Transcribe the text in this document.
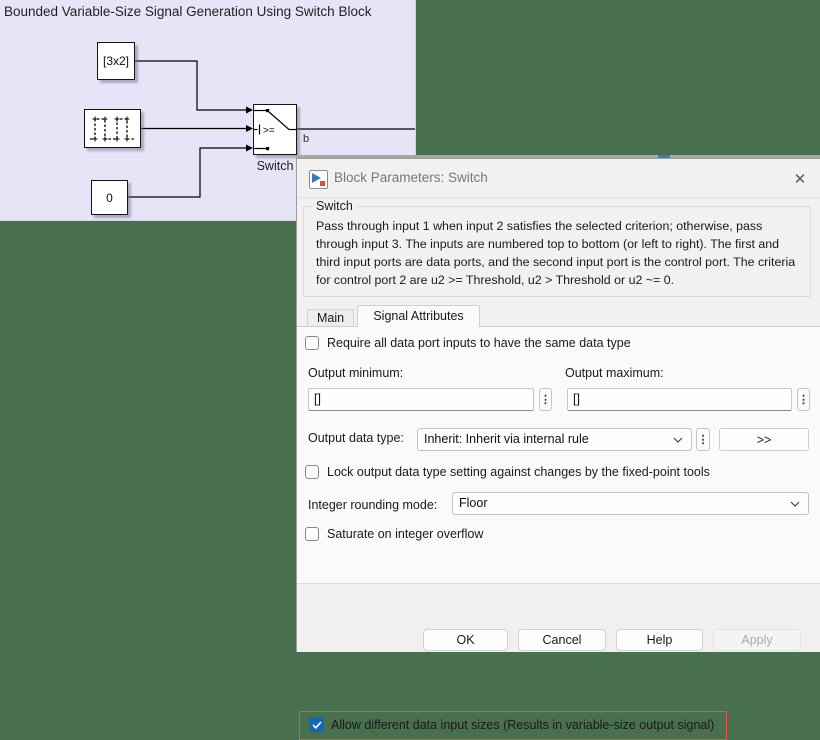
Bounded Variable-Size Signal Generation Using Switch Block
[3x2]
0
>=
Switch
b
Block Parameters: Switch	✕
Switch
Pass through input 1 when input 2 satisfies the selected criterion; otherwise, pass through input 3. The inputs are numbered top to bottom (or left to right). The first and third input ports are data ports, and the second input port is the control port. The criteria for control port 2 are u2 >= Threshold, u2 > Threshold or u2 ~= 0.
Main	Signal Attributes
Require all data port inputs to have the same data type
Output minimum:	Output maximum:
[]	⋮	[]	⋮
Output data type:	Inherit: Inherit via internal rule	⋮	>>
Lock output data type setting against changes by the fixed-point tools
Integer rounding mode:	Floor
Saturate on integer overflow
Allow different data input sizes (Results in variable-size output signal)
OK	Cancel	Help	Apply
